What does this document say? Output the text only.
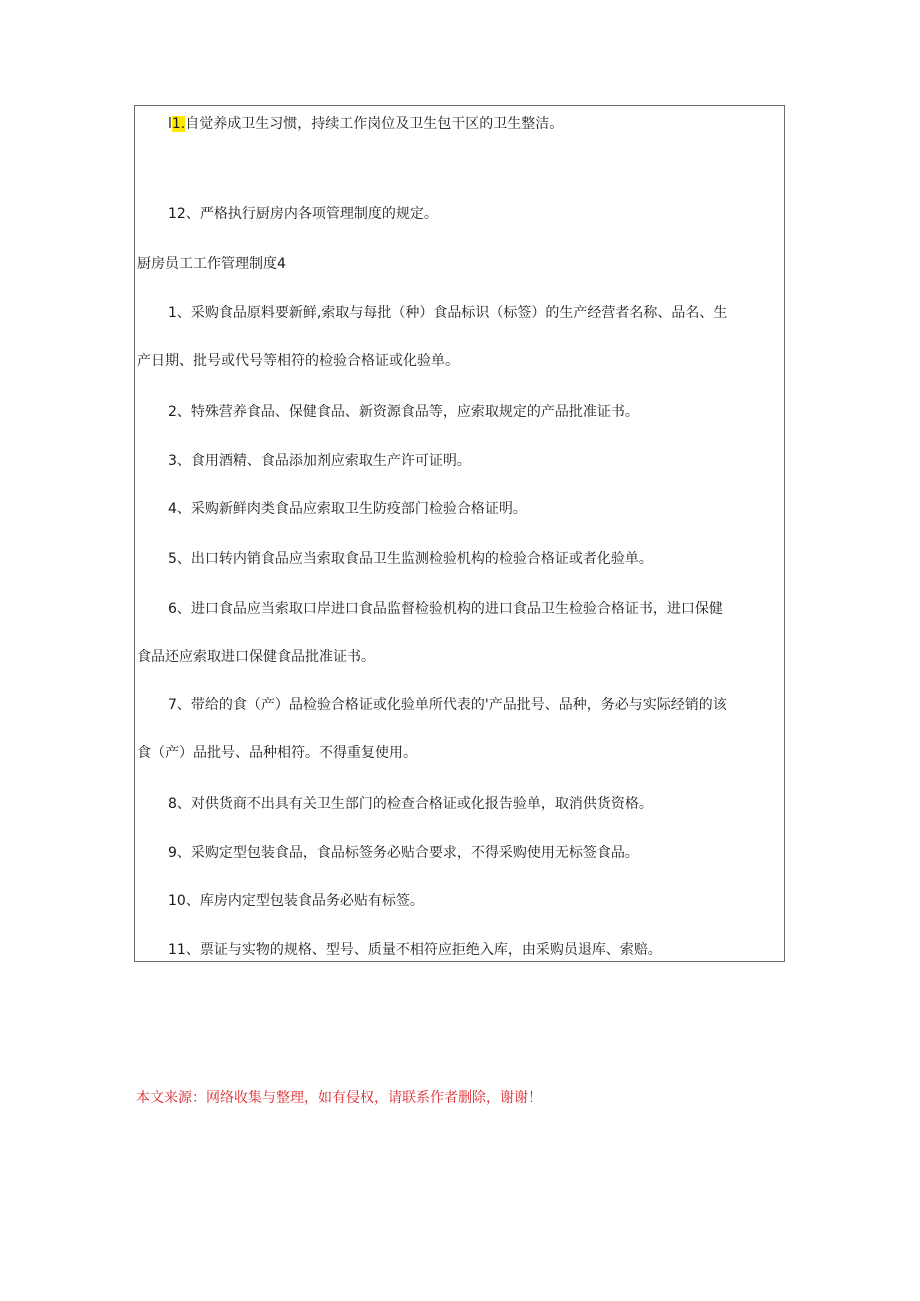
l1.自觉养成卫生习惯，持续工作岗位及卫生包干区的卫生整洁。
12、严格执行厨房内各项管理制度的规定。
厨房员工工作管理制度4
1、采购食品原料要新鲜,索取与每批（种）食品标识（标签）的生产经营者名称、品名、生
产日期、批号或代号等相符的检验合格证或化验单。
2、特殊营养食品、保健食品、新资源食品等，应索取规定的产品批准证书。
3、食用酒精、食品添加剂应索取生产许可证明。
4、采购新鲜肉类食品应索取卫生防疫部门检验合格证明。
5、出口转内销食品应当索取食品卫生监测检验机构的检验合格证或者化验单。
6、进口食品应当索取口岸进口食品监督检验机构的进口食品卫生检验合格证书，进口保健
食品还应索取进口保健食品批准证书。
7、带给的食（产）品检验合格证或化验单所代表的'产品批号、品种，务必与实际经销的该
食（产）品批号、品种相符。不得重复使用。
8、对供货商不出具有关卫生部门的检查合格证或化报告验单，取消供货资格。
9、采购定型包装食品，食品标签务必贴合要求，不得采购使用无标签食品。
10、库房内定型包装食品务必贴有标签。
11、票证与实物的规格、型号、质量不相符应拒绝入库，由采购员退库、索赔。
本文来源：网络收集与整理，如有侵权，请联系作者删除，谢谢！
